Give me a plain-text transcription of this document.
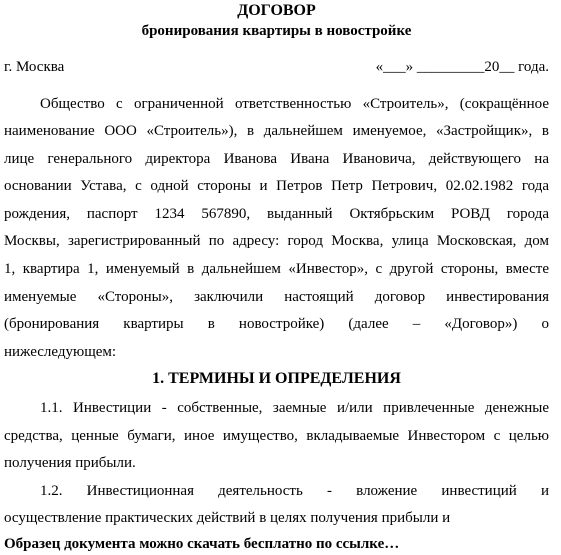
ДОГОВОР
бронирования квартиры в новостройке
г. Москва	«___» _________20__ года.
Общество с ограниченной ответственностью «Строитель», (сокращённое
наименование ООО «Строитель»), в дальнейшем именуемое, «Застройщик», в
лице генерального директора Иванова Ивана Ивановича, действующего на
основании Устава, с одной стороны и Петров Петр Петрович, 02.02.1982 года
рождения, паспорт 1234 567890, выданный Октябрьским РОВД города
Москвы, зарегистрированный по адресу: город Москва, улица Московская, дом
1, квартира 1, именуемый в дальнейшем «Инвестор», с другой стороны, вместе
именуемые «Стороны», заключили настоящий договор инвестирования
(бронирования квартиры в новостройке) (далее – «Договор») о
нижеследующем:
1. ТЕРМИНЫ И ОПРЕДЕЛЕНИЯ
1.1. Инвестиции - собственные, заемные и/или привлеченные денежные
средства, ценные бумаги, иное имущество, вкладываемые Инвестором с целью
получения прибыли.
1.2. Инвестиционная деятельность - вложение инвестиций и
осуществление практических действий в целях получения прибыли и
Образец документа можно скачать бесплатно по ссылке…
